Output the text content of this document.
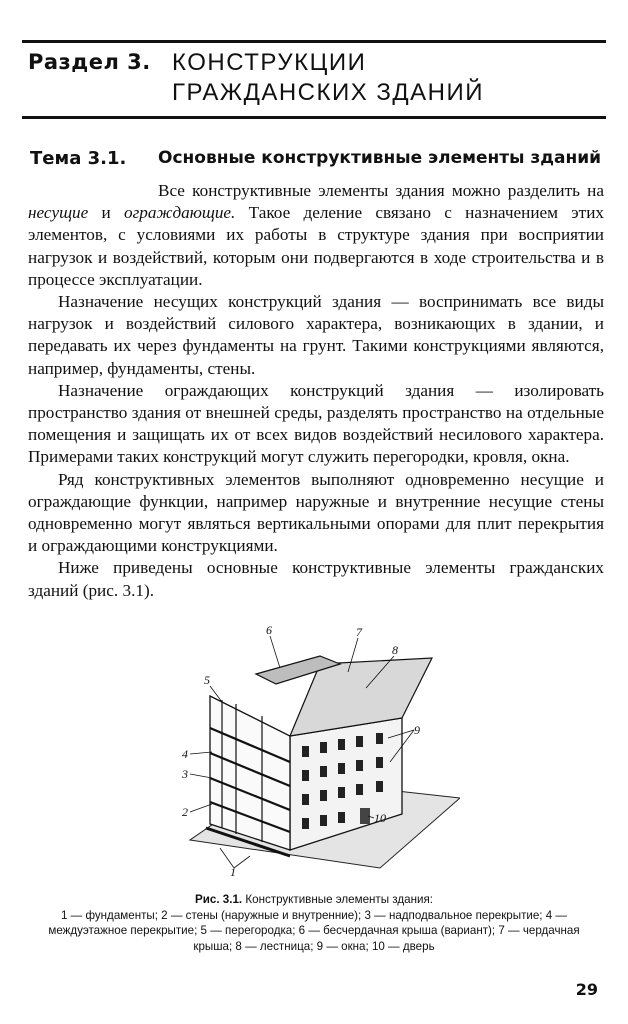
Раздел 3. КОНСТРУКЦИИ
ГРАЖДАНСКИХ ЗДАНИЙ
Тема 3.1. Основные конструктивные элементы зданий

Все конструктивные элементы здания можно разделить на несущие и ограждающие. Такое деление связано с назначением этих элементов, с условиями их работы в структуре здания при восприятии нагрузок и воздействий, которым они подвергаются в ходе строительства и в процессе эксплуатации.

Назначение несущих конструкций здания — воспринимать все виды нагрузок и воздействий силового характера, возникающих в здании, и передавать их через фундаменты на грунт. Такими конструкциями являются, например, фундаменты, стены.

Назначение ограждающих конструкций здания — изолировать пространство здания от внешней среды, разделять пространство на отдельные помещения и защищать их от всех видов воздействий несилового характера. Примерами таких конструкций могут служить перегородки, кровля, окна.

Ряд конструктивных элементов выполняют одновременно несущие и ограждающие функции, например наружные и внутренние несущие стены одновременно могут являться вертикальными опорами для плит перекрытия и ограждающими конструкциями.

Ниже приведены основные конструктивные элементы гражданских зданий (рис. 3.1).

1
2
3
4
5
6	7
8
9
10
Рис. 3.1. Конструктивные элементы здания:
1 — фундаменты; 2 — стены (наружные и внутренние); 3 — надподвальное перекрытие; 4 — междуэтажное перекрытие; 5 — перегородка; 6 — бесчердачная крыша (вариант); 7 — чердачная крыша; 8 — лестница; 9 — окна; 10 — дверь
29
